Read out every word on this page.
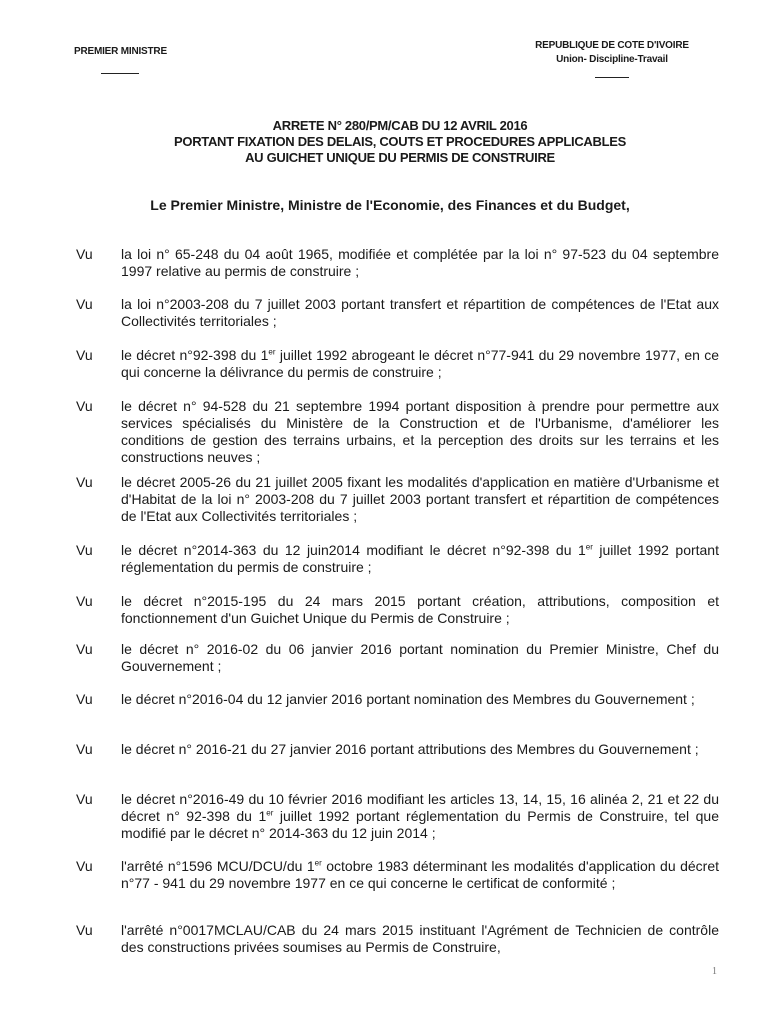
PREMIER MINISTRE
REPUBLIQUE DE COTE D'IVOIRE
Union- Discipline-Travail
ARRETE N° 280/PM/CAB DU 12 AVRIL 2016
PORTANT FIXATION DES DELAIS, COUTS ET PROCEDURES APPLICABLES
AU GUICHET UNIQUE DU PERMIS DE CONSTRUIRE
Le Premier Ministre, Ministre de l'Economie, des Finances et du Budget,
Vu la loi n° 65-248 du 04 août 1965, modifiée et complétée par la loi n° 97-523 du 04 septembre 1997 relative au permis de construire ;
Vu la loi n°2003-208 du 7 juillet 2003 portant transfert et répartition de compétences de l'Etat aux Collectivités territoriales ;
Vu le décret n°92-398 du 1er juillet 1992 abrogeant le décret n°77-941 du 29 novembre 1977, en ce qui concerne la délivrance du permis de construire ;
Vu le décret n° 94-528 du 21 septembre 1994 portant disposition à prendre pour permettre aux services spécialisés du Ministère de la Construction et de l'Urbanisme, d'améliorer les conditions de gestion des terrains urbains, et la perception des droits sur les terrains et les constructions neuves ;
Vu le décret 2005-26 du 21 juillet 2005 fixant les modalités d'application en matière d'Urbanisme et d'Habitat de la loi n° 2003-208 du 7 juillet 2003 portant transfert et répartition de compétences de l'Etat aux Collectivités territoriales ;
Vu le décret n°2014-363 du 12 juin2014 modifiant le décret n°92-398 du 1er juillet 1992 portant réglementation du permis de construire ;
Vu le décret n°2015-195 du 24 mars 2015 portant création, attributions, composition et fonctionnement d'un Guichet Unique du Permis de Construire ;
Vu le décret n° 2016-02 du 06 janvier 2016 portant nomination du Premier Ministre, Chef du Gouvernement ;
Vu le décret n°2016-04 du 12 janvier 2016 portant nomination des Membres du Gouvernement ;
Vu le décret n° 2016-21 du 27 janvier 2016 portant attributions des Membres du Gouvernement ;
Vu le décret n°2016-49 du 10 février 2016 modifiant les articles 13, 14, 15, 16 alinéa 2, 21 et 22 du décret n° 92-398 du 1er juillet 1992 portant réglementation du Permis de Construire, tel que modifié par le décret n° 2014-363 du 12 juin 2014 ;
Vu l'arrêté n°1596 MCU/DCU/du 1er octobre 1983 déterminant les modalités d'application du décret n°77 - 941 du 29 novembre 1977 en ce qui concerne le certificat de conformité ;
Vu l'arrêté n°0017MCLAU/CAB du 24 mars 2015 instituant l'Agrément de Technicien de contrôle des constructions privées soumises au Permis de Construire,
1
